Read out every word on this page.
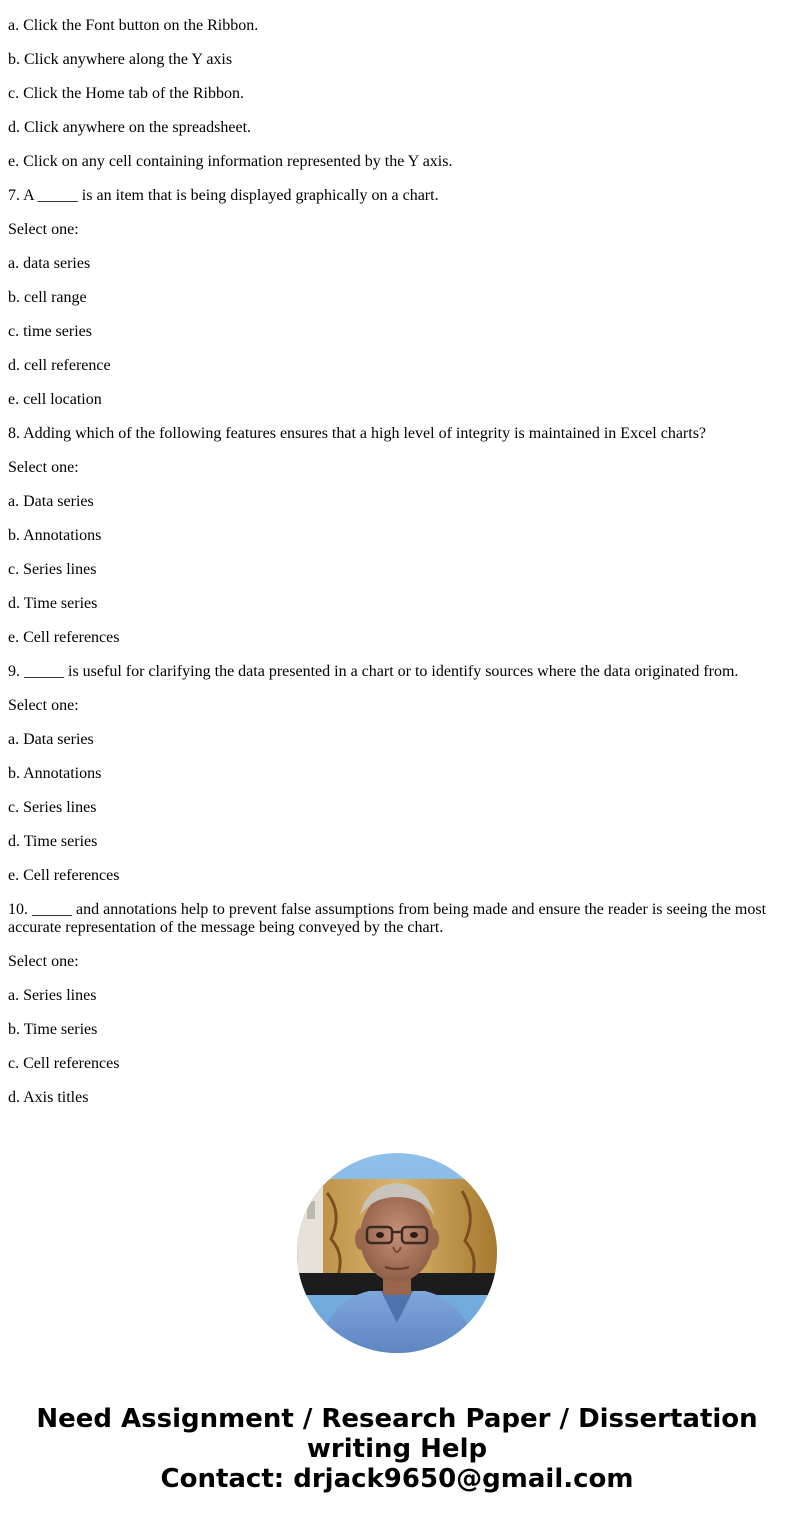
a. Click the Font button on the Ribbon.

b. Click anywhere along the Y axis

c. Click the Home tab of the Ribbon.

d. Click anywhere on the spreadsheet.

e. Click on any cell containing information represented by the Y axis.

7. A _____ is an item that is being displayed graphically on a chart.

Select one:

a. data series

b. cell range

c. time series

d. cell reference

e. cell location

8. Adding which of the following features ensures that a high level of integrity is maintained in Excel charts?

Select one:

a. Data series

b. Annotations

c. Series lines

d. Time series

e. Cell references

9. _____ is useful for clarifying the data presented in a chart or to identify sources where the data originated from.

Select one:

a. Data series

b. Annotations

c. Series lines

d. Time series

e. Cell references

10. _____ and annotations help to prevent false assumptions from being made and ensure the reader is seeing the most accurate representation of the message being conveyed by the chart.

Select one:

a. Series lines

b. Time series

c. Cell references

d. Axis titles

Need Assignment / Research Paper / Dissertation
writing Help
Contact: drjack9650@gmail.com
